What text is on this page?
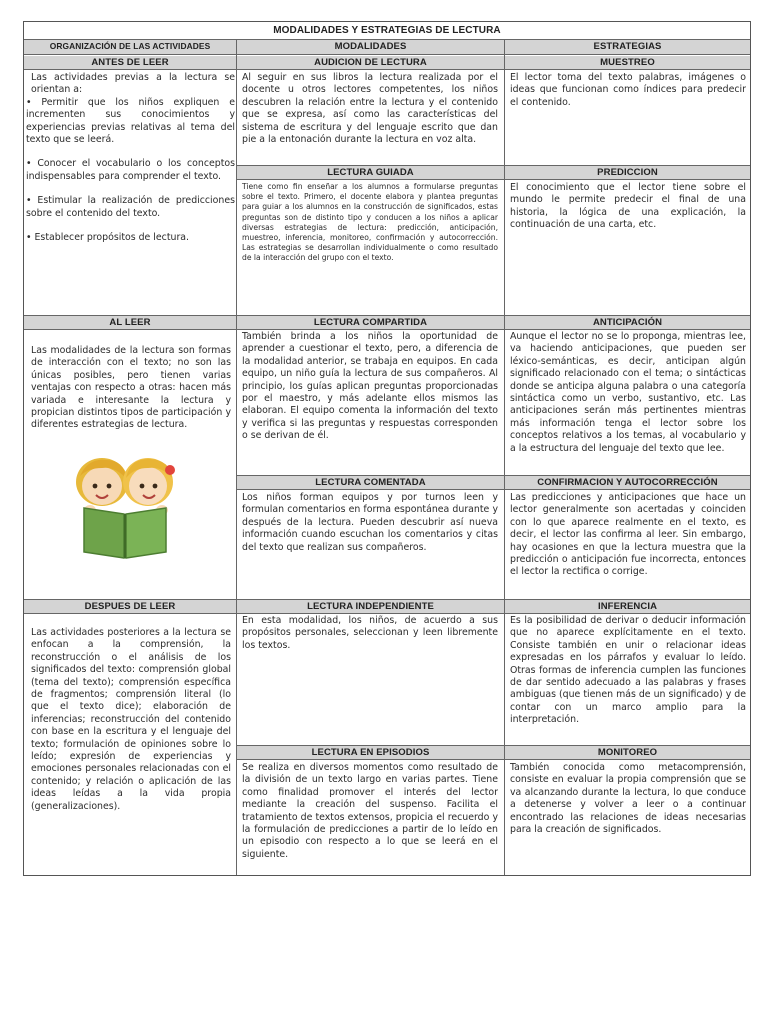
MODALIDADES Y ESTRATEGIAS DE LECTURA
ORGANIZACIÓN DE LAS ACTIVIDADES	MODALIDADES	ESTRATEGIAS
ANTES DE LEER

Las actividades previas a la lectura se orientan a:

• Permitir que los niños expliquen e incrementen sus conocimientos y experiencias previas relativas al tema del texto que se leerá.

• Conocer el vocabulario o los conceptos indispensables para comprender el texto.

• Estimular la realización de predicciones sobre el contenido del texto.

• Establecer propósitos de lectura.

AUDICION DE LECTURA
Al seguir en sus libros la lectura realizada por el docente u otros lectores competentes, los niños descubren la relación entre la lectura y el contenido que se expresa, así como las características del sistema de escritura y del lenguaje escrito que dan pie a la entonación durante la lectura en voz alta.
MUESTREO
El lector toma del texto palabras, imágenes o ideas que funcionan como índices para predecir el contenido.
LECTURA GUIADA
Tiene como fin enseñar a los alumnos a formularse preguntas sobre el texto. Primero, el docente elabora y plantea preguntas para guiar a los alumnos en la construcción de significados, estas preguntas son de distinto tipo y conducen a los niños a aplicar diversas estrategias de lectura: predicción, anticipación, muestreo, inferencia, monitoreo, confirmación y autocorrección. Las estrategias se desarrollan individualmente o como resultado de la interacción del grupo con el texto.
PREDICCION
El conocimiento que el lector tiene sobre el mundo le permite predecir el final de una historia, la lógica de una explicación, la continuación de una carta, etc.
AL LEER
Las modalidades de la lectura son formas de interacción con el texto; no son las únicas posibles, pero tienen varias ventajas con respecto a otras: hacen más variada e interesante la lectura y propician distintos tipos de participación y diferentes estrategias de lectura.
LECTURA COMPARTIDA
También brinda a los niños la oportunidad de aprender a cuestionar el texto, pero, a diferencia de la modalidad anterior, se trabaja en equipos. En cada equipo, un niño guía la lectura de sus compañeros. Al principio, los guías aplican preguntas proporcionadas por el maestro, y más adelante ellos mismos las elaboran. El equipo comenta la información del texto y verifica si las preguntas y respuestas corresponden o se derivan de él.
ANTICIPACIÓN
Aunque el lector no se lo proponga, mientras lee, va haciendo anticipaciones, que pueden ser léxico-semánticas, es decir, anticipan algún significado relacionado con el tema; o sintácticas donde se anticipa alguna palabra o una categoría sintáctica como un verbo, sustantivo, etc. Las anticipaciones serán más pertinentes mientras más información tenga el lector sobre los conceptos relativos a los temas, al vocabulario y a la estructura del lenguaje del texto que lee.
LECTURA COMENTADA
Los niños forman equipos y por turnos leen y formulan comentarios en forma espontánea durante y después de la lectura. Pueden descubrir así nueva información cuando escuchan los comentarios y citas del texto que realizan sus compañeros.
CONFIRMACION Y AUTOCORRECCIÓN
Las predicciones y anticipaciones que hace un lector generalmente son acertadas y coinciden con lo que aparece realmente en el texto, es decir, el lector las confirma al leer. Sin embargo, hay ocasiones en que la lectura muestra que la predicción o anticipación fue incorrecta, entonces el lector la rectifica o corrige.
DESPUES DE LEER
Las actividades posteriores a la lectura se enfocan a la comprensión, la reconstrucción o el análisis de los significados del texto: comprensión global (tema del texto); comprensión específica de fragmentos; comprensión literal (lo que el texto dice); elaboración de inferencias; reconstrucción del contenido con base en la escritura y el lenguaje del texto; formulación de opiniones sobre lo leído; expresión de experiencias y emociones personales relacionadas con el contenido; y relación o aplicación de las ideas leídas a la vida propia (generalizaciones).
LECTURA INDEPENDIENTE
En esta modalidad, los niños, de acuerdo a sus propósitos personales, seleccionan y leen libremente los textos.
INFERENCIA
Es la posibilidad de derivar o deducir información que no aparece explícitamente en el texto. Consiste también en unir o relacionar ideas expresadas en los párrafos y evaluar lo leído. Otras formas de inferencia cumplen las funciones de dar sentido adecuado a las palabras y frases ambiguas (que tienen más de un significado) y de contar con un marco amplio para la interpretación.
LECTURA EN EPISODIOS
Se realiza en diversos momentos como resultado de la división de un texto largo en varias partes. Tiene como finalidad promover el interés del lector mediante la creación del suspenso. Facilita el tratamiento de textos extensos, propicia el recuerdo y la formulación de predicciones a partir de lo leído en un episodio con respecto a lo que se leerá en el siguiente.
MONITOREO
También conocida como metacomprensión, consiste en evaluar la propia comprensión que se va alcanzando durante la lectura, lo que conduce a detenerse y volver a leer o a continuar encontrado las relaciones de ideas necesarias para la creación de significados.
